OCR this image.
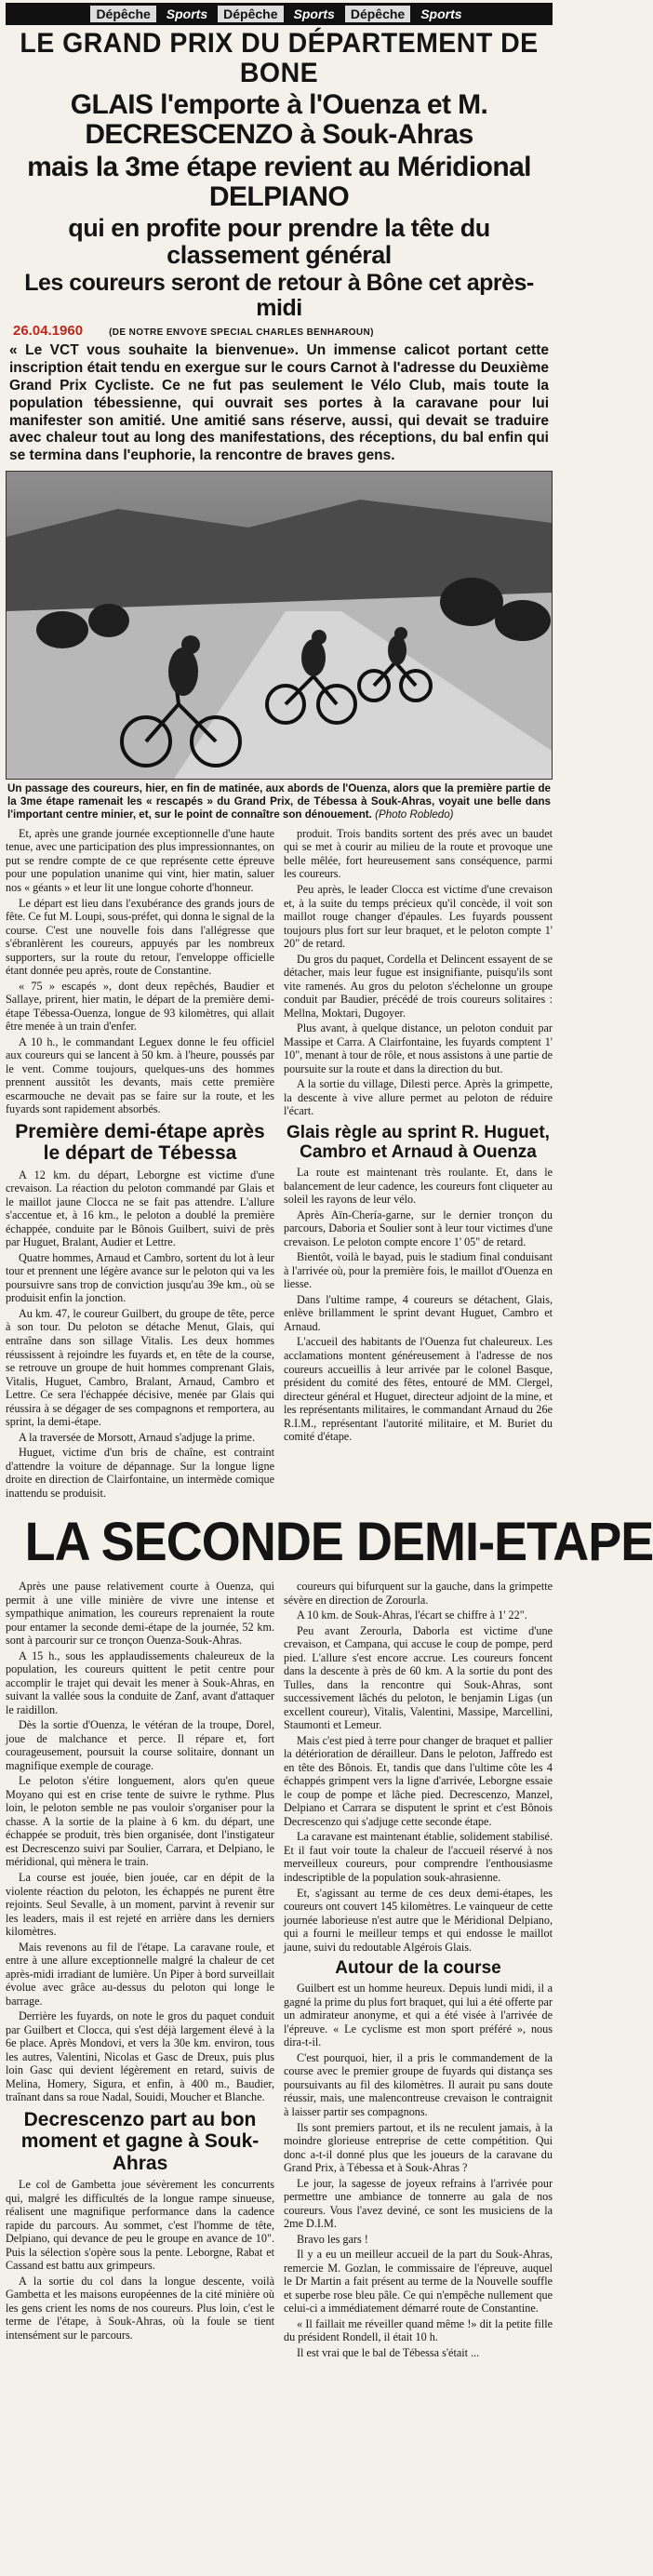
Dépêche	Sports	Dépêche	Sports	Dépêche	Sports
LE GRAND PRIX DU DÉPARTEMENT DE BONE
GLAIS l'emporte à l'Ouenza et M. DECRESCENZO à Souk-Ahras
mais la 3me étape revient au Méridional DELPIANO
qui en profite pour prendre la tête du classement général
Les coureurs seront de retour à Bône cet après-midi
26.04.1960	(DE NOTRE ENVOYE SPECIAL CHARLES BENHAROUN)

« Le VCT vous souhaite la bienvenue». Un immense calicot portant cette inscription était tendu en exergue sur le cours Carnot à l'adresse du Deuxième Grand Prix Cycliste. Ce ne fut pas seulement le Vélo Club, mais toute la population tébessienne, qui ouvrait ses portes à la caravane pour lui manifester son amitié. Une amitié sans réserve, aussi, qui devait se traduire avec chaleur tout au long des manifestations, des réceptions, du bal enfin qui se termina dans l'euphorie, la rencontre de braves gens.

Un passage des coureurs, hier, en fin de matinée, aux abords de l'Ouenza, alors que la première partie de la 3me étape ramenait les « rescapés » du Grand Prix, de Tébessa à Souk-Ahras, voyait une belle dans l'important centre minier, et, sur le point de connaître son dénouement. (Photo Robledo)

Et, après une grande journée exceptionnelle d'une haute tenue, avec une participation des plus impressionnantes, on put se rendre compte de ce que représente cette épreuve pour une population unanime qui vint, hier matin, saluer nos « géants » et leur lit une longue cohorte d'honneur.

Le départ est lieu dans l'exubérance des grands jours de fête. Ce fut M. Loupi, sous-préfet, qui donna le signal de la course. C'est une nouvelle fois dans l'allégresse que s'ébranlèrent les coureurs, appuyés par les nombreux supporters, sur la route du retour, l'enveloppe officielle étant donnée peu après, route de Constantine.

« 75 » escapés », dont deux repêchés, Baudier et Sallaye, prirent, hier matin, le départ de la première demi-étape Tébessa-Ouenza, longue de 93 kilomètres, qui allait être menée à un train d'enfer.

A 10 h., le commandant Leguex donne le feu officiel aux coureurs qui se lancent à 50 km. à l'heure, poussés par le vent. Comme toujours, quelques-uns des hommes prennent aussitôt les devants, mais cette première escarmouche ne devait pas se faire sur la route, et les fuyards sont rapidement absorbés.

Première demi-étape après le départ de Tébessa

A 12 km. du départ, Leborgne est victime d'une crevaison. La réaction du peloton commandé par Glais et le maillot jaune Clocca ne se fait pas attendre. L'allure s'accentue et, à 16 km., le peloton a doublé la première échappée, conduite par le Bônois Guilbert, suivi de près par Huguet, Bralant, Audier et Lettre.

Quatre hommes, Arnaud et Cambro, sortent du lot à leur tour et prennent une légère avance sur le peloton qui va les poursuivre sans trop de conviction jusqu'au 39e km., où se produisit enfin la jonction.

Au km. 47, le coureur Guilbert, du groupe de tête, perce à son tour. Du peloton se détache Menut, Glais, qui entraîne dans son sillage Vitalis. Les deux hommes réussissent à rejoindre les fuyards et, en tête de la course, se retrouve un groupe de huit hommes comprenant Glais, Vitalis, Huguet, Cambro, Bralant, Arnaud, Cambro et Lettre. Ce sera l'échappée décisive, menée par Glais qui réussira à se dégager de ses compagnons et remportera, au sprint, la demi-étape.

A la traversée de Morsott, Arnaud s'adjuge la prime.

Huguet, victime d'un bris de chaîne, est contraint d'attendre la voiture de dépannage. Sur la longue ligne droite en direction de Clairfontaine, un intermède comique inattendu se produisit.

produit. Trois bandits sortent des prés avec un baudet qui se met à courir au milieu de la route et provoque une belle mêlée, fort heureusement sans conséquence, parmi les coureurs.

Peu après, le leader Clocca est victime d'une crevaison et, à la suite du temps précieux qu'il concède, il voit son maillot rouge changer d'épaules. Les fuyards poussent toujours plus fort sur leur braquet, et le peloton compte 1' 20" de retard.

Du gros du paquet, Cordella et Delincent essayent de se détacher, mais leur fugue est insignifiante, puisqu'ils sont vite ramenés. Au gros du peloton s'échelonne un groupe conduit par Baudier, précédé de trois coureurs solitaires : Mellna, Moktari, Dugoyer.

Plus avant, à quelque distance, un peloton conduit par Massipe et Carra. A Clairfontaine, les fuyards comptent 1' 10", menant à tour de rôle, et nous assistons à une partie de poursuite sur la route et dans la direction du but.

A la sortie du village, Dilesti perce. Après la grimpette, la descente à vive allure permet au peloton de réduire l'écart.

Glais règle au sprint R. Huguet, Cambro et Arnaud à Ouenza

La route est maintenant très roulante. Et, dans le balancement de leur cadence, les coureurs font cliqueter au soleil les rayons de leur vélo.

Après Aïn-Chería-garne, sur le dernier tronçon du parcours, Daboria et Soulier sont à leur tour victimes d'une crevaison. Le peloton compte encore 1' 05" de retard.

Bientôt, voilà le bayad, puis le stadium final conduisant à l'arrivée où, pour la première fois, le maillot d'Ouenza en liesse.

Dans l'ultime rampe, 4 coureurs se détachent, Glais, enlève brillamment le sprint devant Huguet, Cambro et Arnaud.

L'accueil des habitants de l'Ouenza fut chaleureux. Les acclamations montent généreusement à l'adresse de nos coureurs accueillis à leur arrivée par le colonel Basque, président du comité des fêtes, entouré de MM. Clergel, directeur général et Huguet, directeur adjoint de la mine, et les représentants militaires, le commandant Arnaud du 26e R.I.M., représentant l'autorité militaire, et M. Buriet du comité d'étape.

LA SECONDE DEMI-ETAPE

Après une pause relativement courte à Ouenza, qui permit à une ville minière de vivre une intense et sympathique animation, les coureurs reprenaient la route pour entamer la seconde demi-étape de la journée, 52 km. sont à parcourir sur ce tronçon Ouenza-Souk-Ahras.

A 15 h., sous les applaudissements chaleureux de la population, les coureurs quittent le petit centre pour accomplir le trajet qui devait les mener à Souk-Ahras, en suivant la vallée sous la conduite de Zanf, avant d'attaquer le raidillon.

Dès la sortie d'Ouenza, le vétéran de la troupe, Dorel, joue de malchance et perce. Il répare et, fort courageusement, poursuit la course solitaire, donnant un magnifique exemple de courage.

Le peloton s'étire longuement, alors qu'en queue Moyano qui est en crise tente de suivre le rythme. Plus loin, le peloton semble ne pas vouloir s'organiser pour la chasse. A la sortie de la plaine à 6 km. du départ, une échappée se produit, très bien organisée, dont l'instigateur est Decrescenzo suivi par Soulier, Carrara, et Delpiano, le méridional, qui mènera le train.

La course est jouée, bien jouée, car en dépit de la violente réaction du peloton, les échappés ne purent être rejoints. Seul Sevalle, à un moment, parvint à revenir sur les leaders, mais il est rejeté en arrière dans les derniers kilomètres.

Mais revenons au fil de l'étape. La caravane roule, et entre à une allure exceptionnelle malgré la chaleur de cet après-midi irradiant de lumière. Un Piper à bord surveillait évolue avec grâce au-dessus du peloton qui longe le barrage.

Derrière les fuyards, on note le gros du paquet conduit par Guilbert et Clocca, qui s'est déjà largement élevé à la 6e place. Après Mondovi, et vers la 30e km. environ, tous les autres, Valentini, Nicolas et Gasc de Dreux, puis plus loin Gasc qui devient légèrement en retard, suivis de Melina, Homery, Sigura, et enfin, à 400 m., Baudier, traînant dans sa roue Nadal, Souidi, Moucher et Blanche.

Decrescenzo part au bon moment et gagne à Souk-Ahras

Le col de Gambetta joue sévèrement les concurrents qui, malgré les difficultés de la longue rampe sinueuse, réalisent une magnifique performance dans la cadence rapide du parcours. Au sommet, c'est l'homme de tête, Delpiano, qui devance de peu le groupe en avance de 10". Puis la sélection s'opère sous la pente. Leborgne, Rabat et Cassand est battu aux grimpeurs.

A la sortie du col dans la longue descente, voilà Gambetta et les maisons européennes de la cité minière où les gens crient les noms de nos coureurs. Plus loin, c'est le terme de l'étape, à Souk-Ahras, où la foule se tient intensément sur le parcours.

coureurs qui bifurquent sur la gauche, dans la grimpette sévère en direction de Zorourla.

A 10 km. de Souk-Ahras, l'écart se chiffre à 1' 22".

Peu avant Zerourla, Daborla est victime d'une crevaison, et Campana, qui accuse le coup de pompe, perd pied. L'allure s'est encore accrue. Les coureurs foncent dans la descente à près de 60 km. A la sortie du pont des Tulles, dans la rencontre qui Souk-Ahras, sont successivement lâchés du peloton, le benjamin Ligas (un excellent coureur), Vitalis, Valentini, Massipe, Marcellini, Staumonti et Lemeur.

Mais c'est pied à terre pour changer de braquet et pallier la détérioration de dérailleur. Dans le peloton, Jaffredo est en tête des Bônois. Et, tandis que dans l'ultime côte les 4 échappés grimpent vers la ligne d'arrivée, Leborgne essaie le coup de pompe et lâche pied. Decrescenzo, Manzel, Delpiano et Carrara se disputent le sprint et c'est Bônois Decrescenzo qui s'adjuge cette seconde étape.

La caravane est maintenant établie, solidement stabilisé. Et il faut voir toute la chaleur de l'accueil réservé à nos merveilleux coureurs, pour comprendre l'enthousiasme indescriptible de la population souk-ahrasienne.

Et, s'agissant au terme de ces deux demi-étapes, les coureurs ont couvert 145 kilomètres. Le vainqueur de cette journée laborieuse n'est autre que le Méridional Delpiano, qui a fourni le meilleur temps et qui endosse le maillot jaune, suivi du redoutable Algérois Glais.

Autour de la course

Guilbert est un homme heureux. Depuis lundi midi, il a gagné la prime du plus fort braquet, qui lui a été offerte par un admirateur anonyme, et qui a été visée à l'arrivée de l'épreuve. « Le cyclisme est mon sport préféré », nous dira-t-il.

C'est pourquoi, hier, il a pris le commandement de la course avec le premier groupe de fuyards qui distança ses poursuivants au fil des kilomètres. Il aurait pu sans doute réussir, mais, une malencontreuse crevaison le contraignit à laisser partir ses compagnons.

Ils sont premiers partout, et ils ne reculent jamais, à la moindre glorieuse entreprise de cette compétition. Qui donc a-t-il donné plus que les joueurs de la caravane du Grand Prix, à Tébessa et à Souk-Ahras ?

Le jour, la sagesse de joyeux refrains à l'arrivée pour permettre une ambiance de tonnerre au gala de nos coureurs. Vous l'avez deviné, ce sont les musiciens de la 2me D.I.M.

Bravo les gars !

Il y a eu un meilleur accueil de la part du Souk-Ahras, remercie M. Gozlan, le commissaire de l'épreuve, auquel le Dr Martin a fait présent au terme de la Nouvelle souffle et superbe rose bleu pâle. Ce qui n'empêche nullement que celui-ci a immédiatement démarré route de Constantine.

« Il faillait me réveiller quand même !» dit la petite fille du président Rondell, il était 10 h.

Il est vrai que le bal de Tébessa s'était ...
